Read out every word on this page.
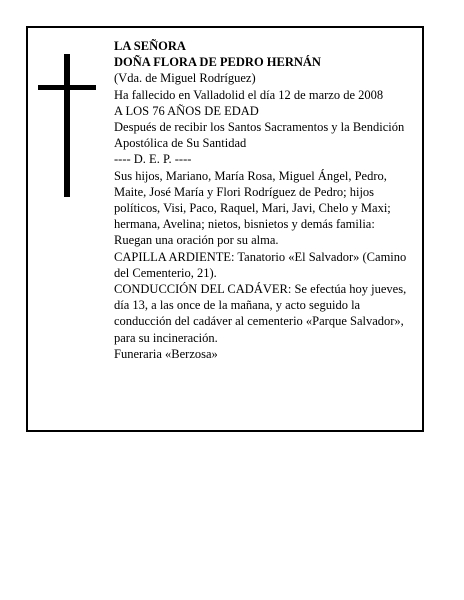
LA SEÑORA

DOÑA FLORA DE PEDRO HERNÁN

(Vda. de Miguel Rodríguez)

Ha fallecido en Valladolid el día 12 de marzo de 2008

A LOS 76 AÑOS DE EDAD

Después de recibir los Santos Sacramentos y la Bendición Apostólica de Su Santidad

---- D. E. P. ----

Sus hijos, Mariano, María Rosa, Miguel Ángel, Pedro, Maite, José María y Flori Rodríguez de Pedro; hijos políticos, Visi, Paco, Raquel, Mari, Javi, Chelo y Maxi; hermana, Avelina; nietos, bisnietos y demás familia:

Ruegan una oración por su alma.

CAPILLA ARDIENTE: Tanatorio «El Salvador» (Camino del Cementerio, 21).

CONDUCCIÓN DEL CADÁVER: Se efectúa hoy jueves, día 13, a las once de la mañana, y acto seguido la conducción del cadáver al cementerio «Parque Salvador», para su incineración.

Funeraria «Berzosa»
